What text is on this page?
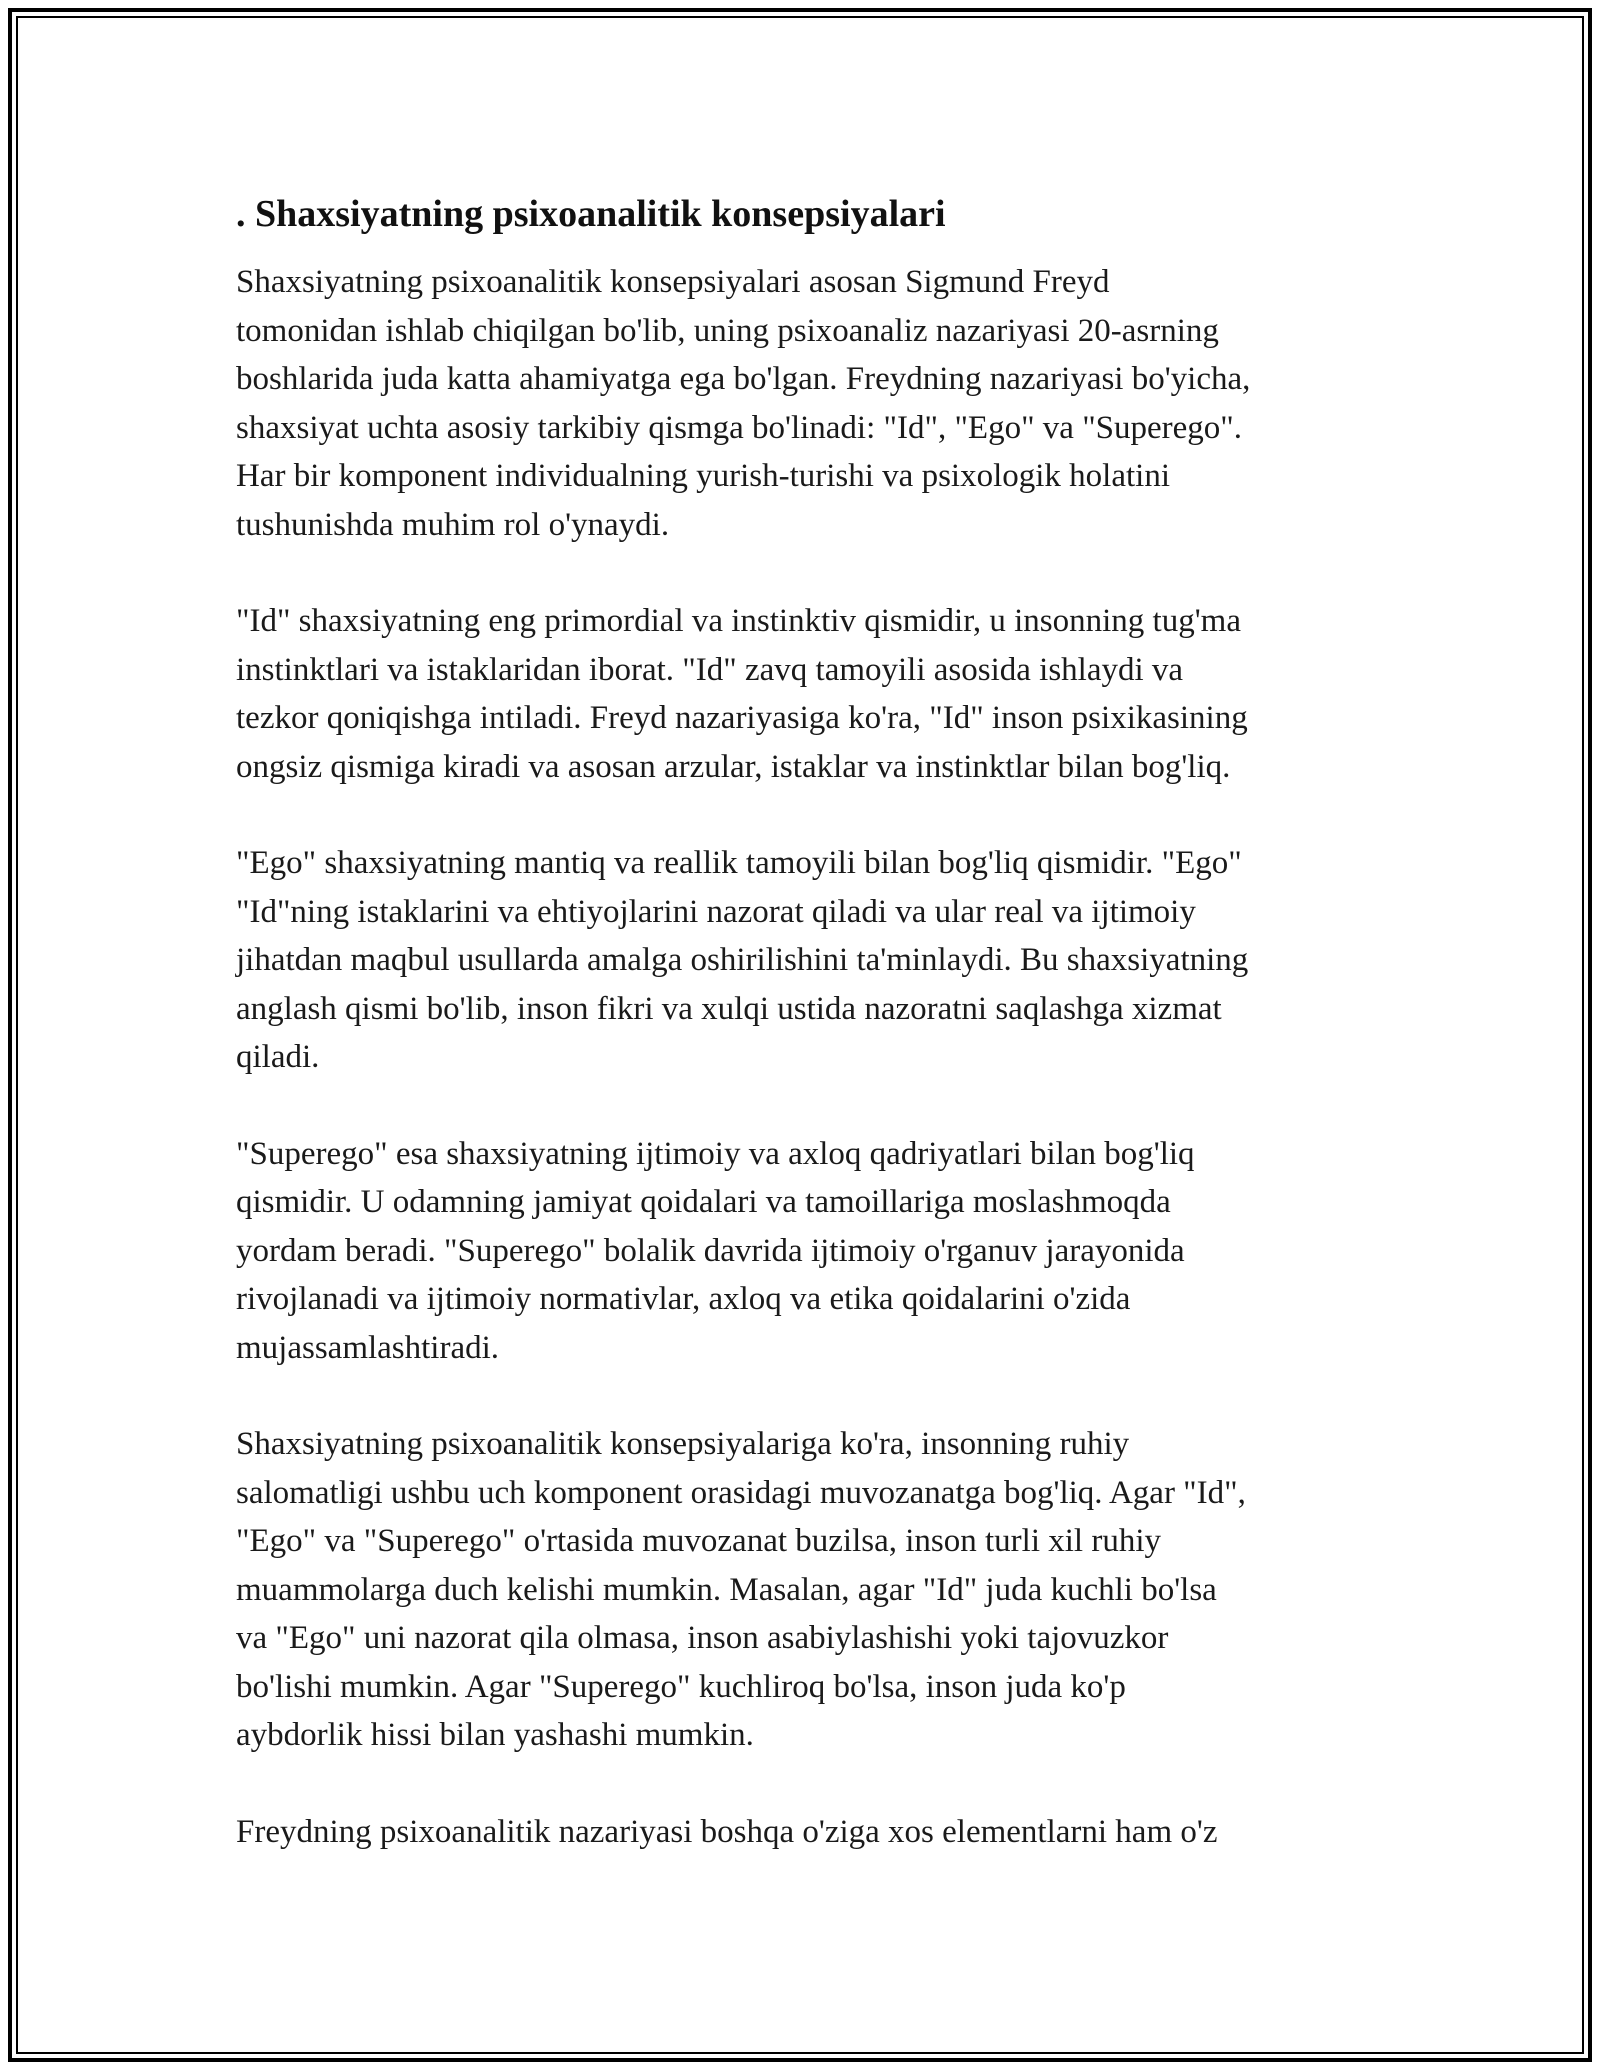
. Shaxsiyatning psixoanalitik konsepsiyalari

Shaxsiyatning psixoanalitik konsepsiyalari asosan Sigmund Freyd
tomonidan ishlab chiqilgan bo'lib, uning psixoanaliz nazariyasi 20-asrning
boshlarida juda katta ahamiyatga ega bo'lgan. Freydning nazariyasi bo'yicha,
shaxsiyat uchta asosiy tarkibiy qismga bo'linadi: "Id", "Ego" va "Superego".
Har bir komponent individualning yurish-turishi va psixologik holatini
tushunishda muhim rol o'ynaydi.

"Id" shaxsiyatning eng primordial va instinktiv qismidir, u insonning tug'ma
instinktlari va istaklaridan iborat. "Id" zavq tamoyili asosida ishlaydi va
tezkor qoniqishga intiladi. Freyd nazariyasiga ko'ra, "Id" inson psixikasining
ongsiz qismiga kiradi va asosan arzular, istaklar va instinktlar bilan bog'liq.

"Ego" shaxsiyatning mantiq va reallik tamoyili bilan bog'liq qismidir. "Ego"
"Id"ning istaklarini va ehtiyojlarini nazorat qiladi va ular real va ijtimoiy
jihatdan maqbul usullarda amalga oshirilishini ta'minlaydi. Bu shaxsiyatning
anglash qismi bo'lib, inson fikri va xulqi ustida nazoratni saqlashga xizmat
qiladi.

"Superego" esa shaxsiyatning ijtimoiy va axloq qadriyatlari bilan bog'liq
qismidir. U odamning jamiyat qoidalari va tamoillariga moslashmoqda
yordam beradi. "Superego" bolalik davrida ijtimoiy o'rganuv jarayonida
rivojlanadi va ijtimoiy normativlar, axloq va etika qoidalarini o'zida
mujassamlashtiradi.

Shaxsiyatning psixoanalitik konsepsiyalariga ko'ra, insonning ruhiy
salomatligi ushbu uch komponent orasidagi muvozanatga bog'liq. Agar "Id",
"Ego" va "Superego" o'rtasida muvozanat buzilsa, inson turli xil ruhiy
muammolarga duch kelishi mumkin. Masalan, agar "Id" juda kuchli bo'lsa
va "Ego" uni nazorat qila olmasa, inson asabiylashishi yoki tajovuzkor
bo'lishi mumkin. Agar "Superego" kuchliroq bo'lsa, inson juda ko'p
aybdorlik hissi bilan yashashi mumkin.

Freydning psixoanalitik nazariyasi boshqa o'ziga xos elementlarni ham o'z
